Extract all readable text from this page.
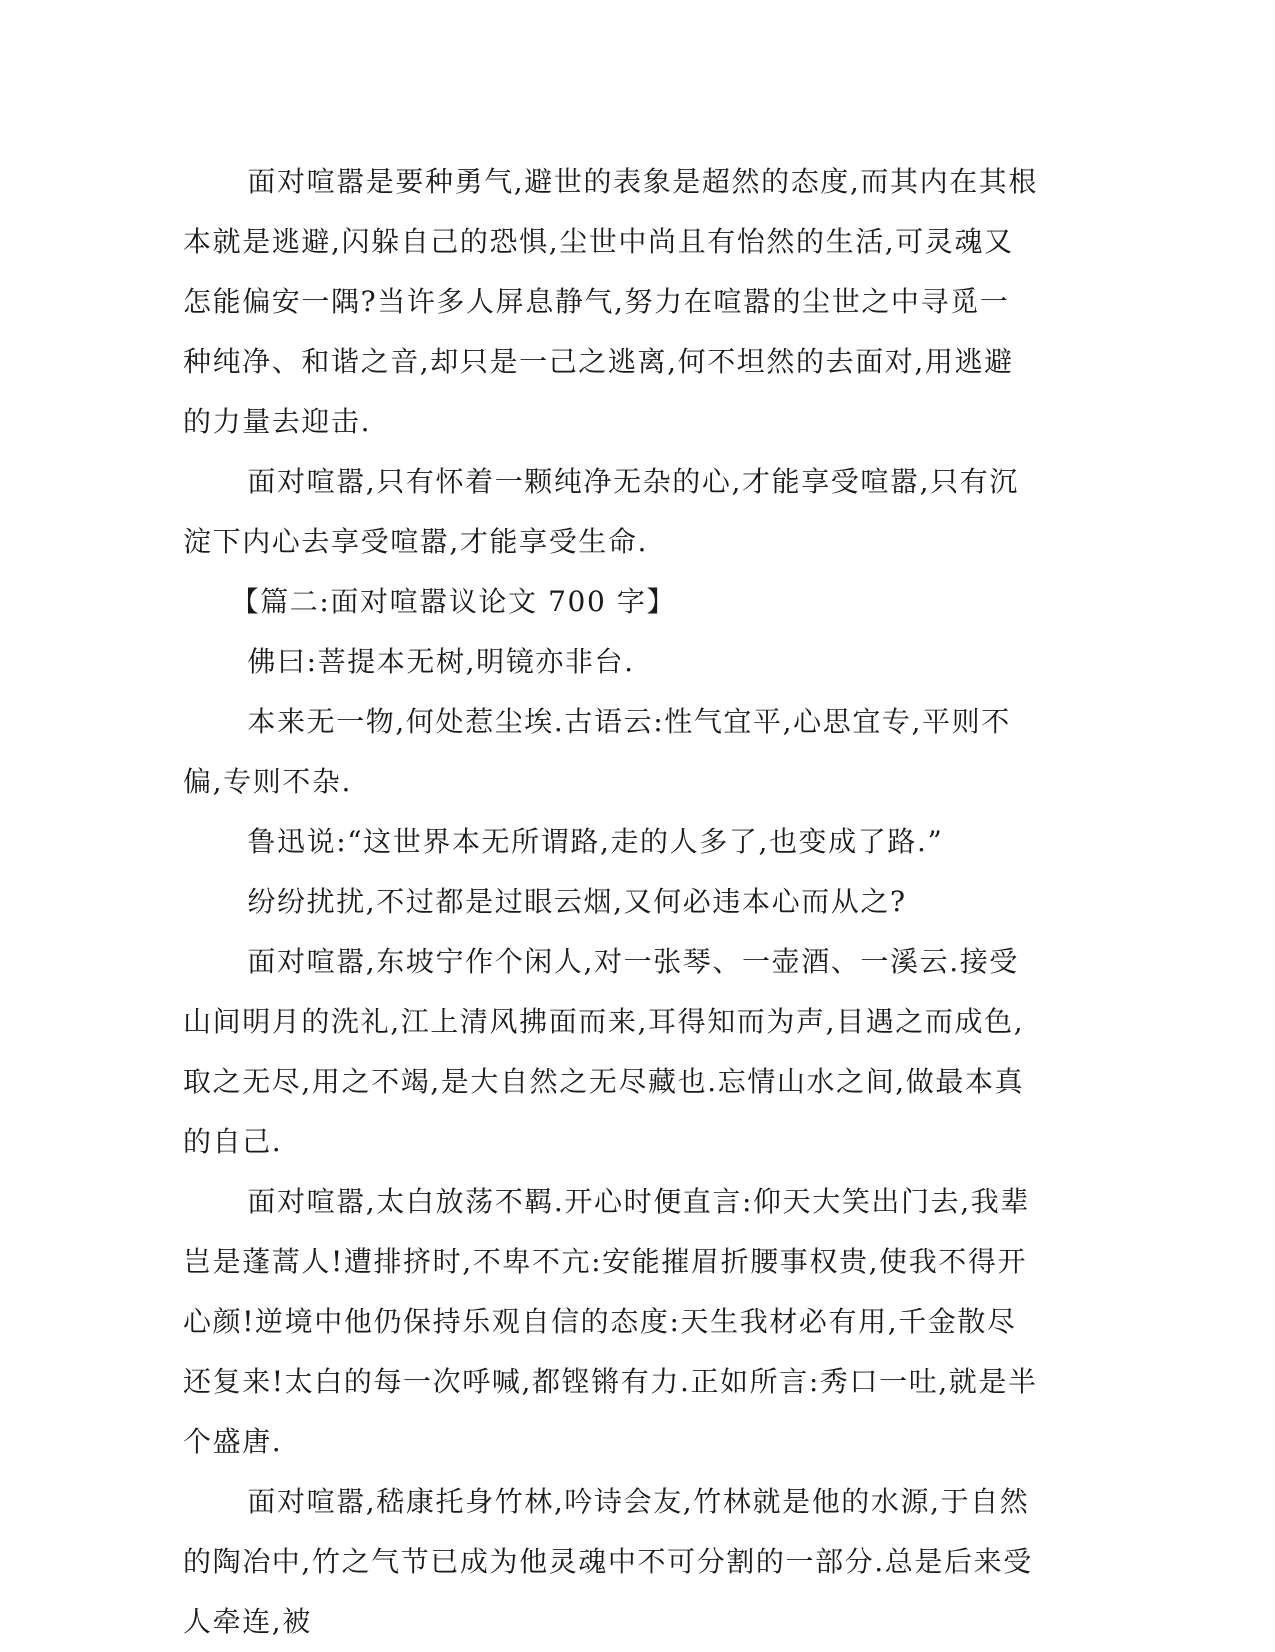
面对喧嚣是要种勇气,避世的表象是超然的态度,而其内在其根本就是逃避,闪躲自己的恐惧,尘世中尚且有怡然的生活,可灵魂又怎能偏安一隅?当许多人屏息静气,努力在喧嚣的尘世之中寻觅一种纯净、和谐之音,却只是一己之逃离,何不坦然的去面对,用逃避的力量去迎击.

面对喧嚣,只有怀着一颗纯净无杂的心,才能享受喧嚣,只有沉淀下内心去享受喧嚣,才能享受生命.

【篇二:面对喧嚣议论文 700 字】

佛曰:菩提本无树,明镜亦非台.

本来无一物,何处惹尘埃.古语云:性气宜平,心思宜专,平则不偏,专则不杂.

鲁迅说:“这世界本无所谓路,走的人多了,也变成了路.”

纷纷扰扰,不过都是过眼云烟,又何必违本心而从之?

面对喧嚣,东坡宁作个闲人,对一张琴、一壶酒、一溪云.接受山间明月的洗礼,江上清风拂面而来,耳得知而为声,目遇之而成色,取之无尽,用之不竭,是大自然之无尽藏也.忘情山水之间,做最本真的自己.

面对喧嚣,太白放荡不羁.开心时便直言:仰天大笑出门去,我辈岂是蓬蒿人!遭排挤时,不卑不亢:安能摧眉折腰事权贵,使我不得开心颜!逆境中他仍保持乐观自信的态度:天生我材必有用,千金散尽还复来!太白的每一次呼喊,都铿锵有力.正如所言:秀口一吐,就是半个盛唐.

面对喧嚣,嵇康托身竹林,吟诗会友,竹林就是他的水源,于自然的陶冶中,竹之气节已成为他灵魂中不可分割的一部分.总是后来受人牵连,被
